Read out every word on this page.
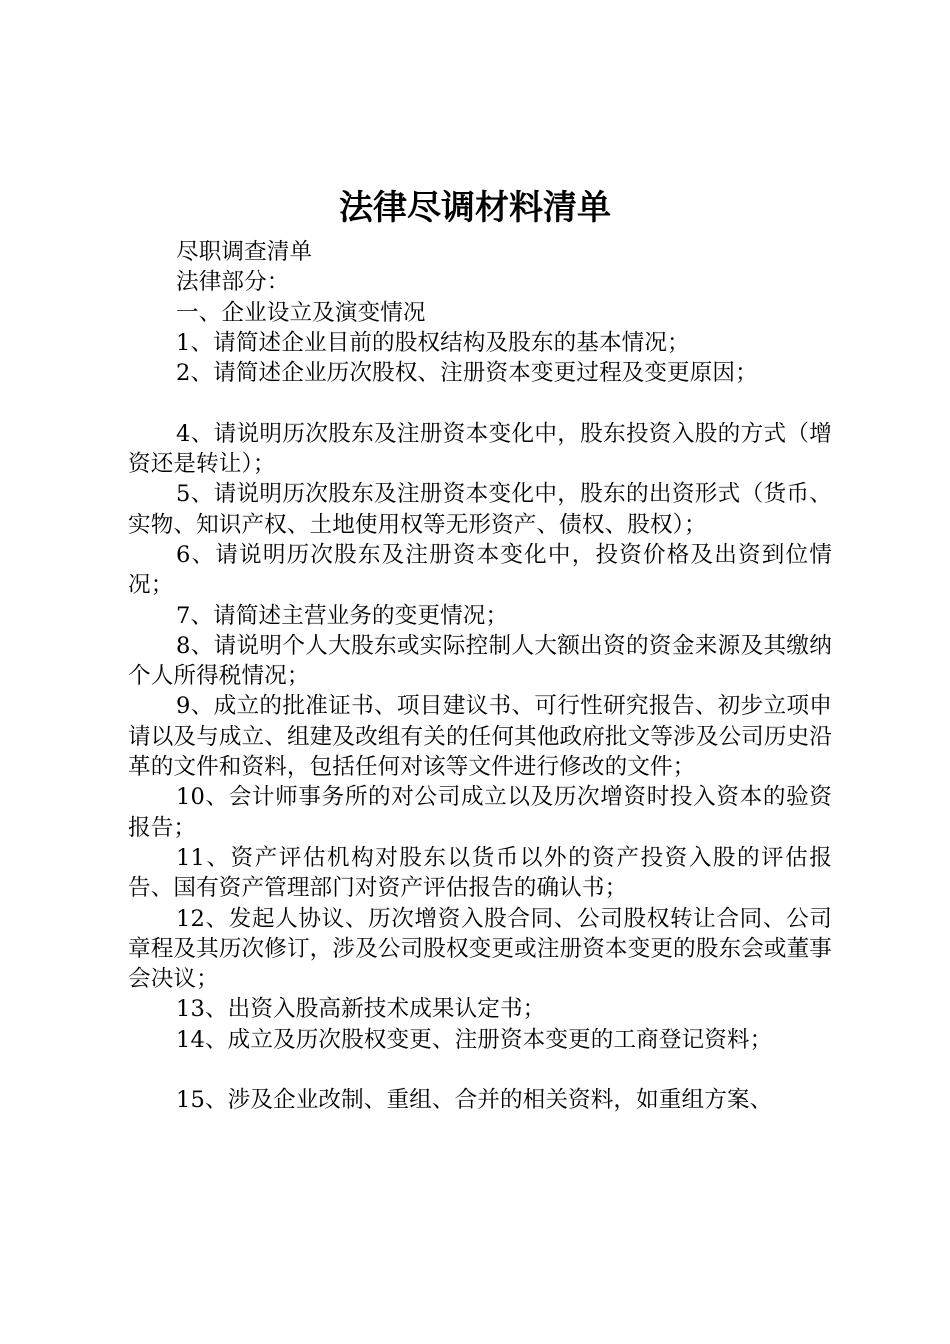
法律尽调材料清单

尽职调查清单

法律部分：

一、企业设立及演变情况

1、请简述企业目前的股权结构及股东的基本情况；

2、请简述企业历次股权、注册资本变更过程及变更原因；

4、请说明历次股东及注册资本变化中，股东投资入股的方式（增资还是转让）；

5、请说明历次股东及注册资本变化中，股东的出资形式（货币、实物、知识产权、土地使用权等无形资产、债权、股权）；

6、请说明历次股东及注册资本变化中，投资价格及出资到位情况；

7、请简述主营业务的变更情况；

8、请说明个人大股东或实际控制人大额出资的资金来源及其缴纳个人所得税情况；

9、成立的批准证书、项目建议书、可行性研究报告、初步立项申请以及与成立、组建及改组有关的任何其他政府批文等涉及公司历史沿革的文件和资料，包括任何对该等文件进行修改的文件；

10、会计师事务所的对公司成立以及历次增资时投入资本的验资报告；

11、资产评估机构对股东以货币以外的资产投资入股的评估报告、国有资产管理部门对资产评估报告的确认书；

12、发起人协议、历次增资入股合同、公司股权转让合同、公司章程及其历次修订，涉及公司股权变更或注册资本变更的股东会或董事会决议；

13、出资入股高新技术成果认定书；

14、成立及历次股权变更、注册资本变更的工商登记资料；

15、涉及企业改制、重组、合并的相关资料，如重组方案、
